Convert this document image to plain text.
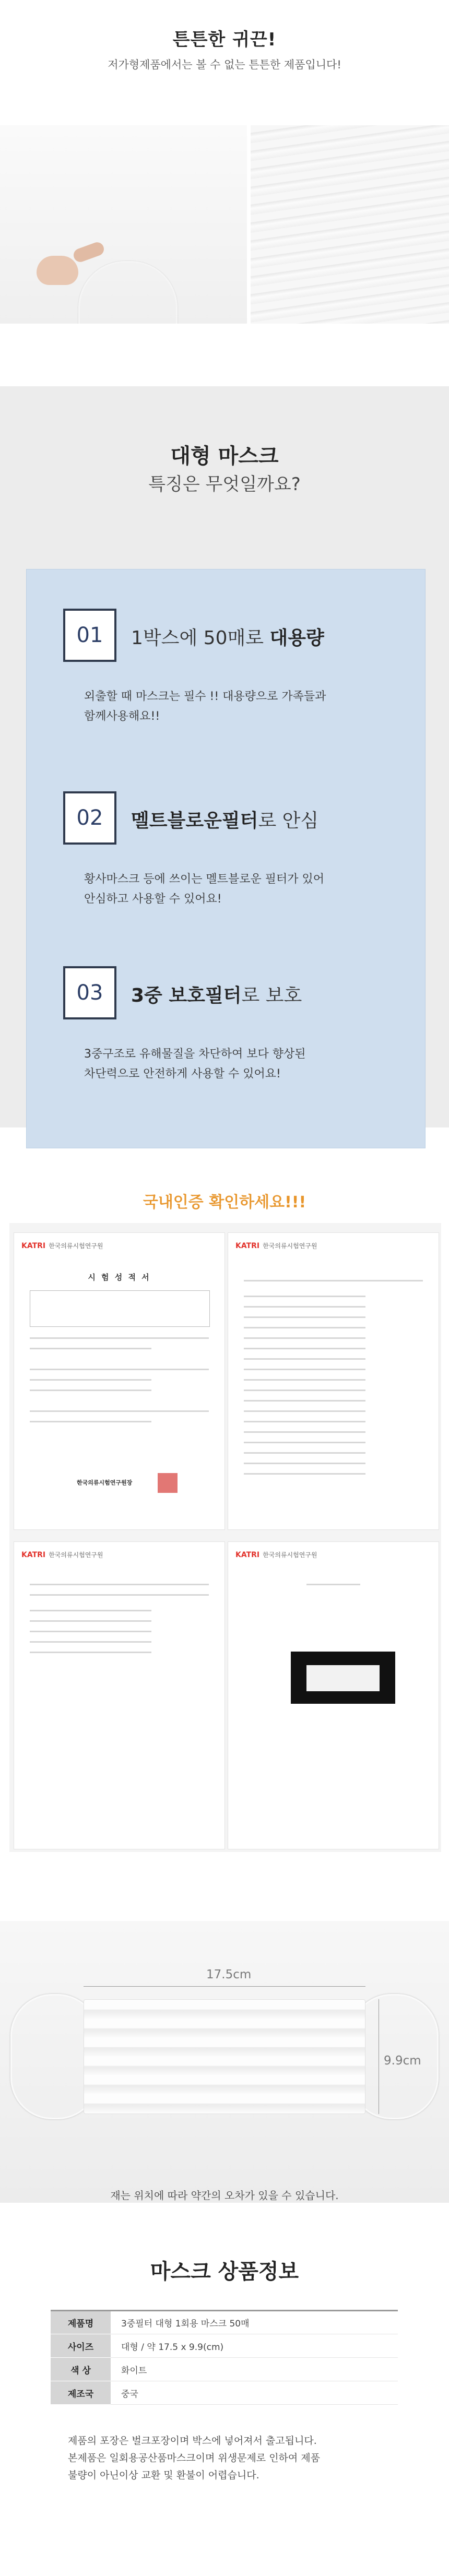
튼튼한 귀끈!
저가형제품에서는 볼 수 없는 튼튼한 제품입니다!
대형 마스크
특징은 무엇일까요?
01	1박스에 50매로 대용량
외출할 때 마스크는 필수 !! 대용량으로 가족들과
함께사용해요!!
02	멜트블로운필터로 안심
황사마스크 등에 쓰이는 멜트블로운 필터가 있어
안심하고 사용할 수 있어요!
03	3중 보호필터로 보호
3중구조로 유해물질을 차단하여 보다 향상된
차단력으로 안전하게 사용할 수 있어요!
국내인증 확인하세요!!!
KATRI 한국의류시험연구원
시 험 성 적 서
한국의류시험연구원장
KATRI 한국의류시험연구원
KATRI 한국의류시험연구원	KATRI 한국의류시험연구원
17.5cm
9.9cm
재는 위치에 따라 약간의 오차가 있을 수 있습니다.
마스크 상품정보
제품명	3중필터 대형 1회용 마스크 50매
사이즈	대형 / 약 17.5 x 9.9(cm)
색 상	화이트
제조국	중국
제품의 포장은 벌크포장이며 박스에 넣어져서 출고됩니다.
본제품은 일회용공산품마스크이며 위생문제로 인하여 제품
불량이 아닌이상 교환 및 환불이 어렵습니다.
